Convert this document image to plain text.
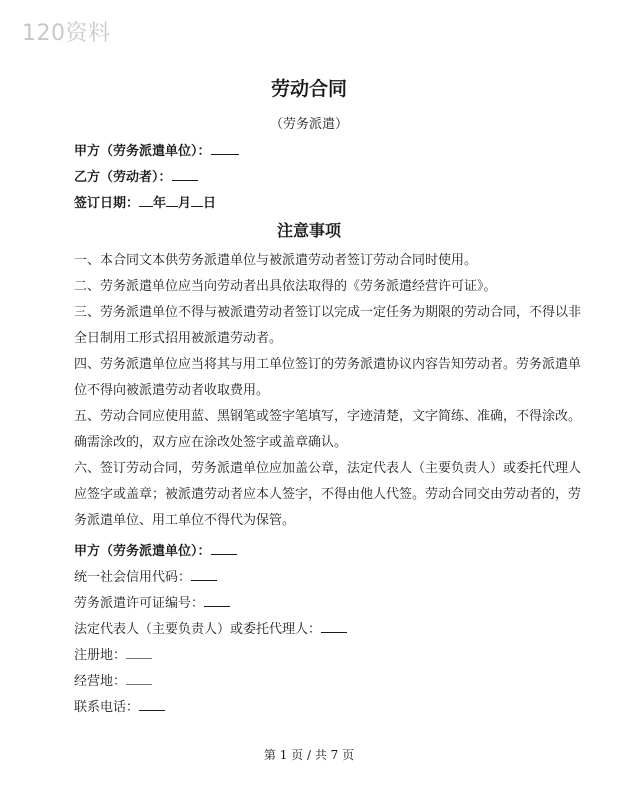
120资料
劳动合同
（劳务派遣）
甲方（劳务派遣单位）：
乙方（劳动者）：
签订日期： 年 月 日
注意事项
一、本合同文本供劳务派遣单位与被派遣劳动者签订劳动合同时使用。
二、劳务派遣单位应当向劳动者出具依法取得的《劳务派遣经营许可证》。
三、劳务派遣单位不得与被派遣劳动者签订以完成一定任务为期限的劳动合同，不得以非
全日制用工形式招用被派遣劳动者。
四、劳务派遣单位应当将其与用工单位签订的劳务派遣协议内容告知劳动者。劳务派遣单
位不得向被派遣劳动者收取费用。
五、劳动合同应使用蓝、黑钢笔或签字笔填写，字迹清楚，文字简练、准确，不得涂改。
确需涂改的，双方应在涂改处签字或盖章确认。
六、签订劳动合同，劳务派遣单位应加盖公章，法定代表人（主要负责人）或委托代理人
应签字或盖章；被派遣劳动者应本人签字，不得由他人代签。劳动合同交由劳动者的，劳
务派遣单位、用工单位不得代为保管。
甲方（劳务派遣单位）：
统一社会信用代码：
劳务派遣许可证编号：
法定代表人（主要负责人）或委托代理人：
注册地：
经营地：
联系电话：
第 1 页 / 共 7 页
